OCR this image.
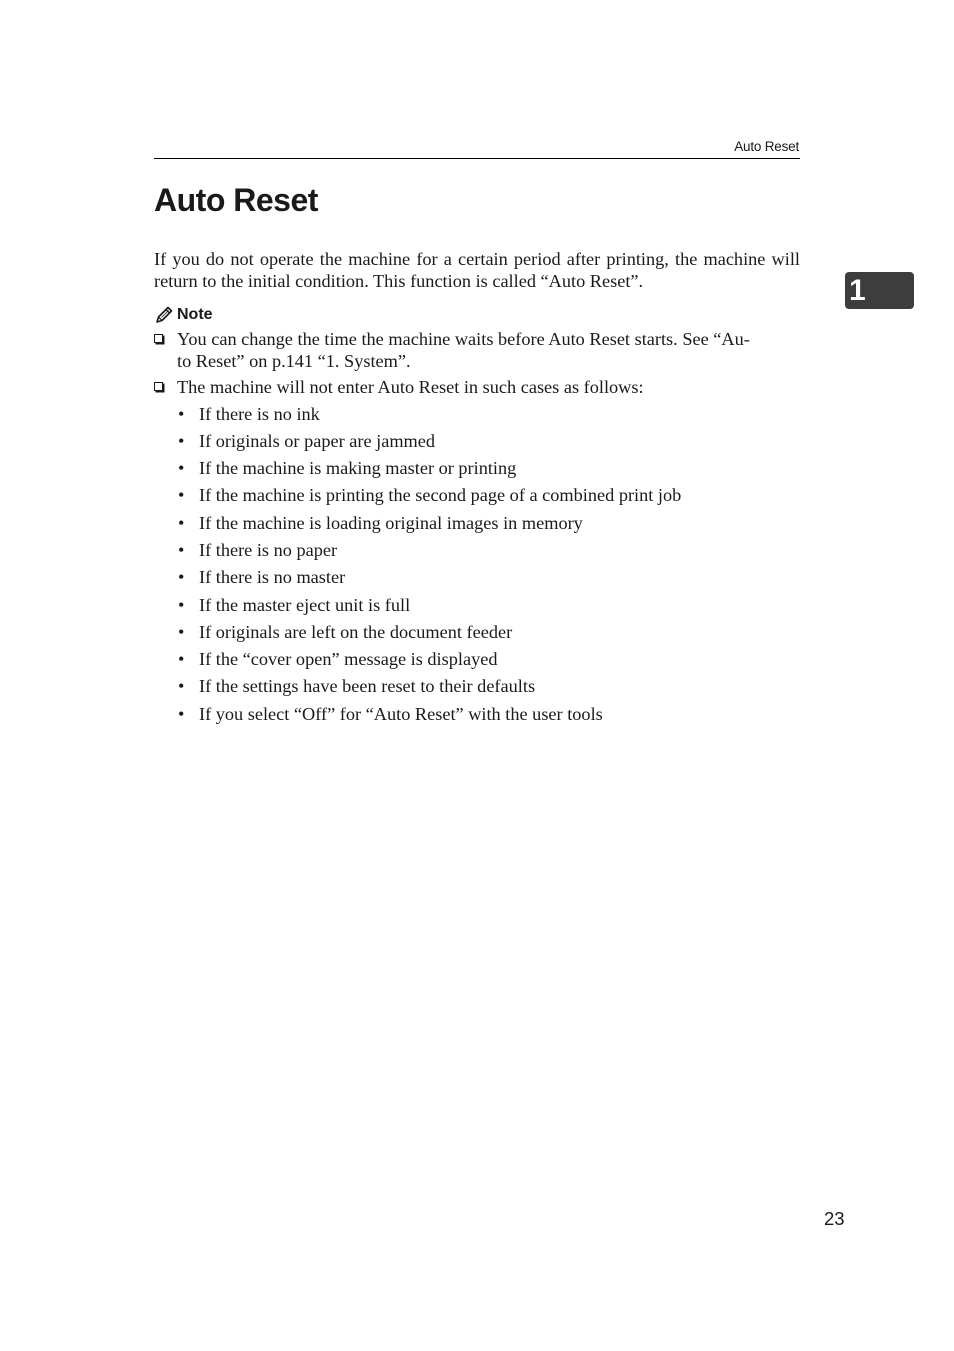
Auto Reset
Auto Reset
1

If you do not operate the machine for a certain period after printing, the machine will return to the initial condition. This function is called “Auto Reset”.

Note
You can change the time the machine waits before Auto Reset starts. See “Au-
to Reset” on p.141 “1. System”.
The machine will not enter Auto Reset in such cases as follows:
• If there is no ink
• If originals or paper are jammed
• If the machine is making master or printing
• If the machine is printing the second page of a combined print job
• If the machine is loading original images in memory
• If there is no paper
• If there is no master
• If the master eject unit is full
• If originals are left on the document feeder
• If the “cover open” message is displayed
• If the settings have been reset to their defaults
• If you select “Off” for “Auto Reset” with the user tools
23
